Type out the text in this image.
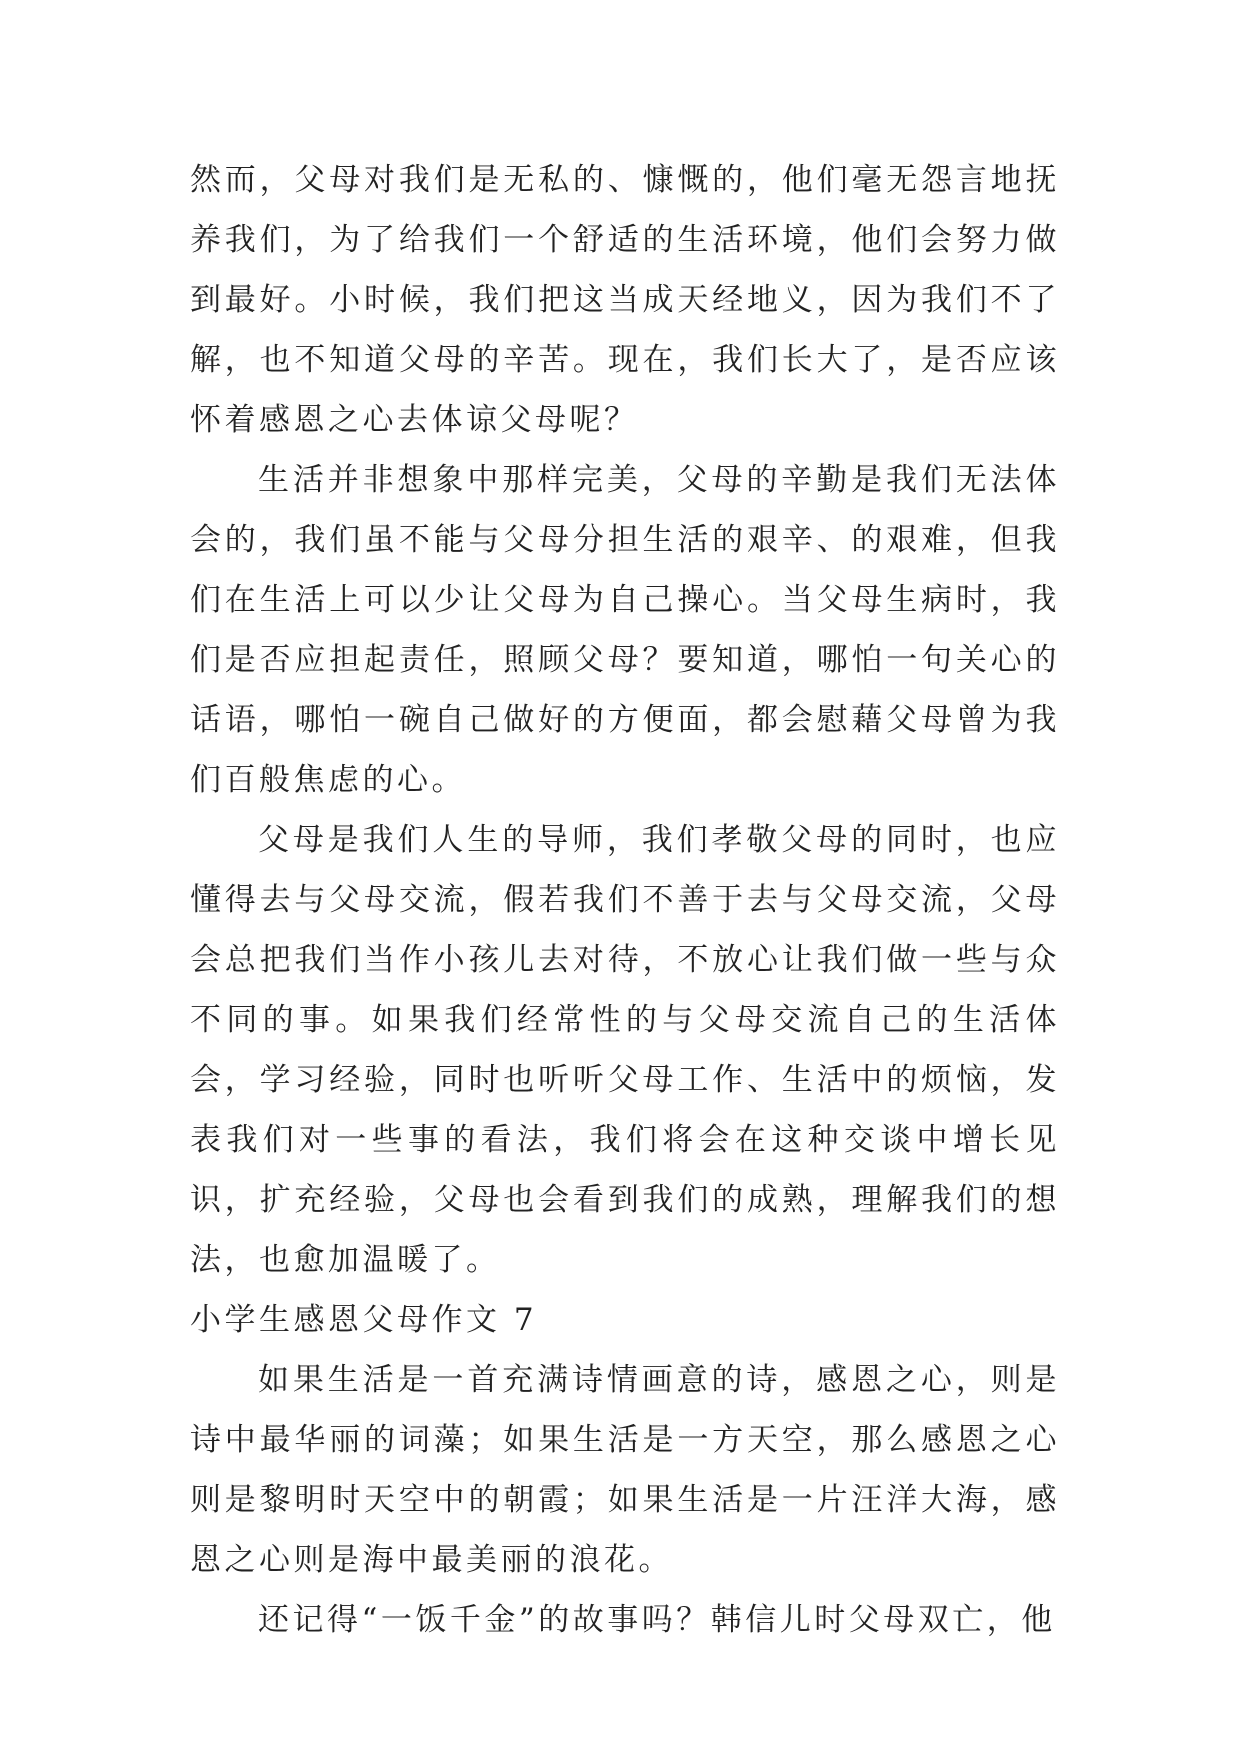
然而，父母对我们是无私的、慷慨的，他们毫无怨言地抚养我们，为了给我们一个舒适的生活环境，他们会努力做到最好。小时候，我们把这当成天经地义，因为我们不了解，也不知道父母的辛苦。现在，我们长大了，是否应该怀着感恩之心去体谅父母呢？

生活并非想象中那样完美，父母的辛勤是我们无法体会的，我们虽不能与父母分担生活的艰辛、的艰难，但我们在生活上可以少让父母为自己操心。当父母生病时，我们是否应担起责任，照顾父母？要知道，哪怕一句关心的话语，哪怕一碗自己做好的方便面，都会慰藉父母曾为我们百般焦虑的心。

父母是我们人生的导师，我们孝敬父母的同时，也应懂得去与父母交流，假若我们不善于去与父母交流，父母会总把我们当作小孩儿去对待，不放心让我们做一些与众不同的事。如果我们经常性的与父母交流自己的生活体会，学习经验，同时也听听父母工作、生活中的烦恼，发表我们对一些事的看法，我们将会在这种交谈中增长见识，扩充经验，父母也会看到我们的成熟，理解我们的想法，也愈加温暖了。

小学生感恩父母作文 7

如果生活是一首充满诗情画意的诗，感恩之心，则是诗中最华丽的词藻；如果生活是一方天空，那么感恩之心则是黎明时天空中的朝霞；如果生活是一片汪洋大海，感恩之心则是海中最美丽的浪花。

还记得“一饭千金”的故事吗？韩信儿时父母双亡，他
